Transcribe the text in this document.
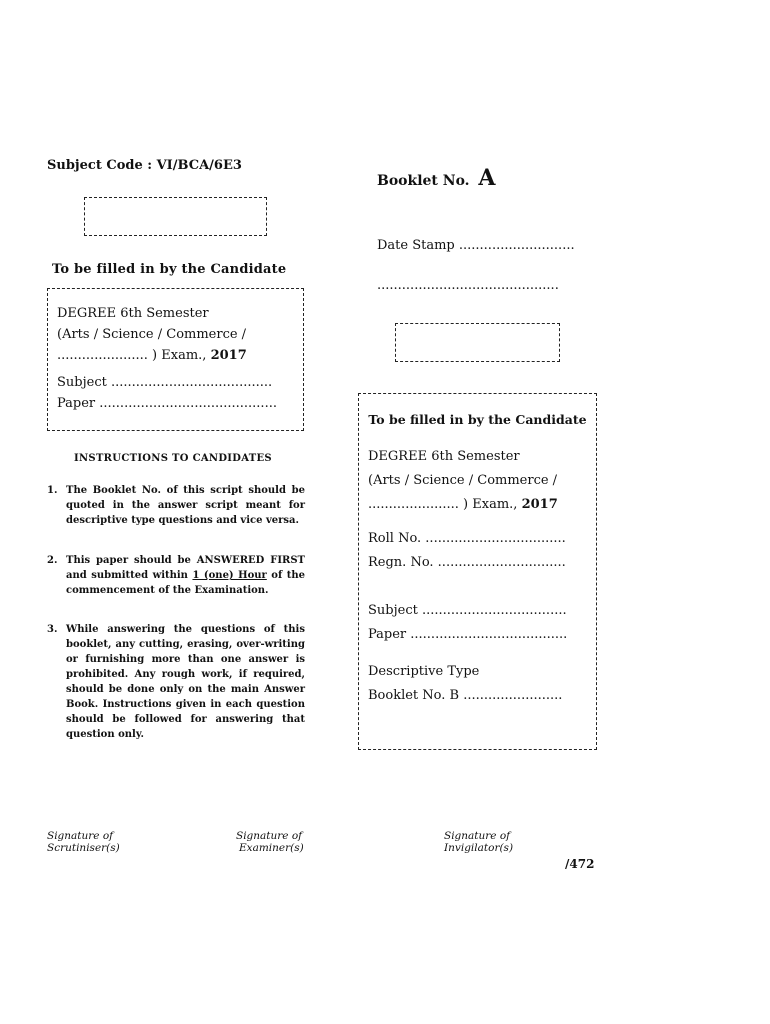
Subject Code : VI/BCA/6E3
Booklet No. A
Date Stamp ............................
............................................
To be filled in by the Candidate
DEGREE 6th Semester
(Arts / Science / Commerce /
...................... ) Exam., 2017
Subject .......................................
Paper ...........................................
To be filled in by the Candidate
DEGREE 6th Semester
(Arts / Science / Commerce /
...................... ) Exam., 2017
Roll No. ..................................
Regn. No. ...............................
Subject ...................................
Paper ......................................
Descriptive Type
Booklet No. B ........................
INSTRUCTIONS TO CANDIDATES
1. The Booklet No. of this script should be quoted in the answer script meant for descriptive type questions and vice versa.
2. This paper should be ANSWERED FIRST and submitted within 1 (one) Hour of the commencement of the Examination.
3. While answering the questions of this booklet, any cutting, erasing, over-writing or furnishing more than one answer is prohibited. Any rough work, if required, should be done only on the main Answer Book. Instructions given in each question should be followed for answering that question only.
Signature of
Scrutiniser(s)
Signature of
Examiner(s)
Signature of
Invigilator(s)
/472
